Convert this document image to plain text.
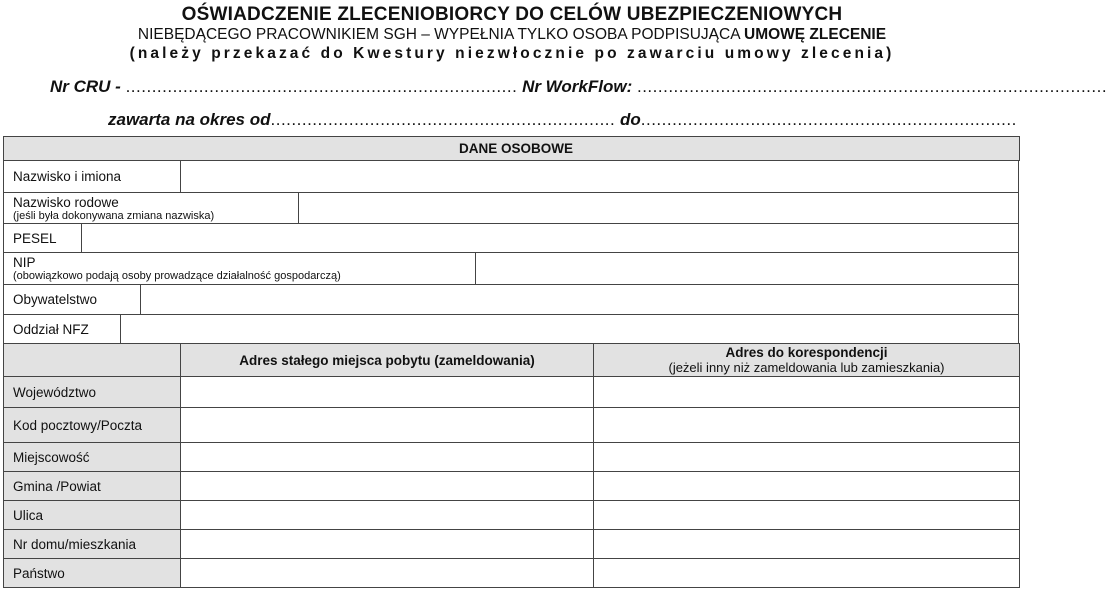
OŚWIADCZENIE ZLECENIOBIORCY DO CELÓW UBEZPIECZENIOWYCH
NIEBĘDĄCEGO PRACOWNIKIEM SGH – WYPEŁNIA TYLKO OSOBA PODPISUJĄCA UMOWĘ ZLECENIE
(należy przekazać do Kwestury niezwłocznie po zawarciu umowy zlecenia)
Nr CRU - ........................................................................... Nr WorkFlow: ..........................................................................................
zawarta na okres od.................................................................. do........................................................................
DANE OSOBOWE
Nazwisko i imiona	
Nazwisko rodowe
(jeśli była dokonywana zmiana nazwiska)

PESEL	
NIP
(obowiązkowo podają osoby prowadzące działalność gospodarczą)

Obywatelstwo	
Oddział NFZ	
	Adres stałego miejsca pobytu (zameldowania)	Adres do korespondencji
(jeżeli inny niż zameldowania lub zamieszkania)

Województwo		
Kod pocztowy/Poczta		
Miejscowość		
Gmina /Powiat		
Ulica		
Nr domu/mieszkania		
Państwo		
